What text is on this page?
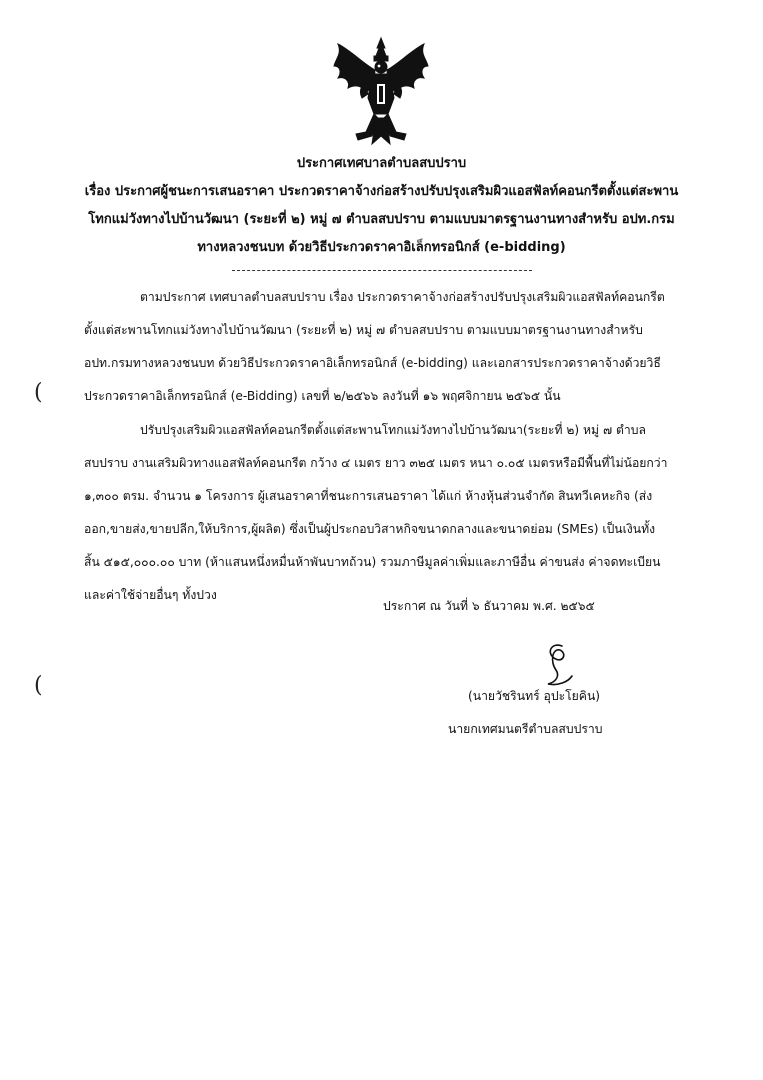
ประกาศเทศบาลตำบลสบปราบ
เรื่อง ประกาศผู้ชนะการเสนอราคา ประกวดราคาจ้างก่อสร้างปรับปรุงเสริมผิวแอสฟัลท์คอนกรีตตั้งแต่สะพาน
โทกแม่วังทางไปบ้านวัฒนา (ระยะที่ ๒) หมู่ ๗ ตำบลสบปราบ ตามแบบมาตรฐานงานทางสำหรับ อปท.กรม
ทางหลวงชนบท ด้วยวิธีประกวดราคาอิเล็กทรอนิกส์ (e-bidding)
ตามประกาศ เทศบาลตำบลสบปราบ เรื่อง ประกวดราคาจ้างก่อสร้างปรับปรุงเสริมผิวแอสฟัลท์คอนกรีต
ตั้งแต่สะพานโทกแม่วังทางไปบ้านวัฒนา (ระยะที่ ๒) หมู่ ๗ ตำบลสบปราบ ตามแบบมาตรฐานงานทางสำหรับ
อปท.กรมทางหลวงชนบท ด้วยวิธีประกวดราคาอิเล็กทรอนิกส์ (e-bidding) และเอกสารประกวดราคาจ้างด้วยวิธี
ประกวดราคาอิเล็กทรอนิกส์ (e-Bidding) เลขที่ ๒/๒๕๖๖ ลงวันที่ ๑๖ พฤศจิกายน ๒๕๖๕ นั้น
ปรับปรุงเสริมผิวแอสฟัลท์คอนกรีตตั้งแต่สะพานโทกแม่วังทางไปบ้านวัฒนา(ระยะที่ ๒) หมู่ ๗ ตำบล
สบปราบ งานเสริมผิวทางแอสฟัลท์คอนกรีต กว้าง ๔ เมตร ยาว ๓๒๕ เมตร หนา ๐.๐๕ เมตรหรือมีพื้นที่ไม่น้อยกว่า
๑,๓๐๐ ตรม. จำนวน ๑ โครงการ ผู้เสนอราคาที่ชนะการเสนอราคา ได้แก่ ห้างหุ้นส่วนจำกัด สินทวีเคหะกิจ (ส่ง
ออก,ขายส่ง,ขายปลีก,ให้บริการ,ผู้ผลิต) ซึ่งเป็นผู้ประกอบวิสาหกิจขนาดกลางและขนาดย่อม (SMEs) เป็นเงินทั้ง
สิ้น ๕๑๕,๐๐๐.๐๐ บาท (ห้าแสนหนึ่งหมื่นห้าพันบาทถ้วน) รวมภาษีมูลค่าเพิ่มและภาษีอื่น ค่าขนส่ง ค่าจดทะเบียน
และค่าใช้จ่ายอื่นๆ ทั้งปวง
(
(
ประกาศ ณ วันที่ ๖ ธันวาคม พ.ศ. ๒๕๖๕
(นายวัชรินทร์ อุปะโยคิน)
นายกเทศมนตรีตำบลสบปราบ
